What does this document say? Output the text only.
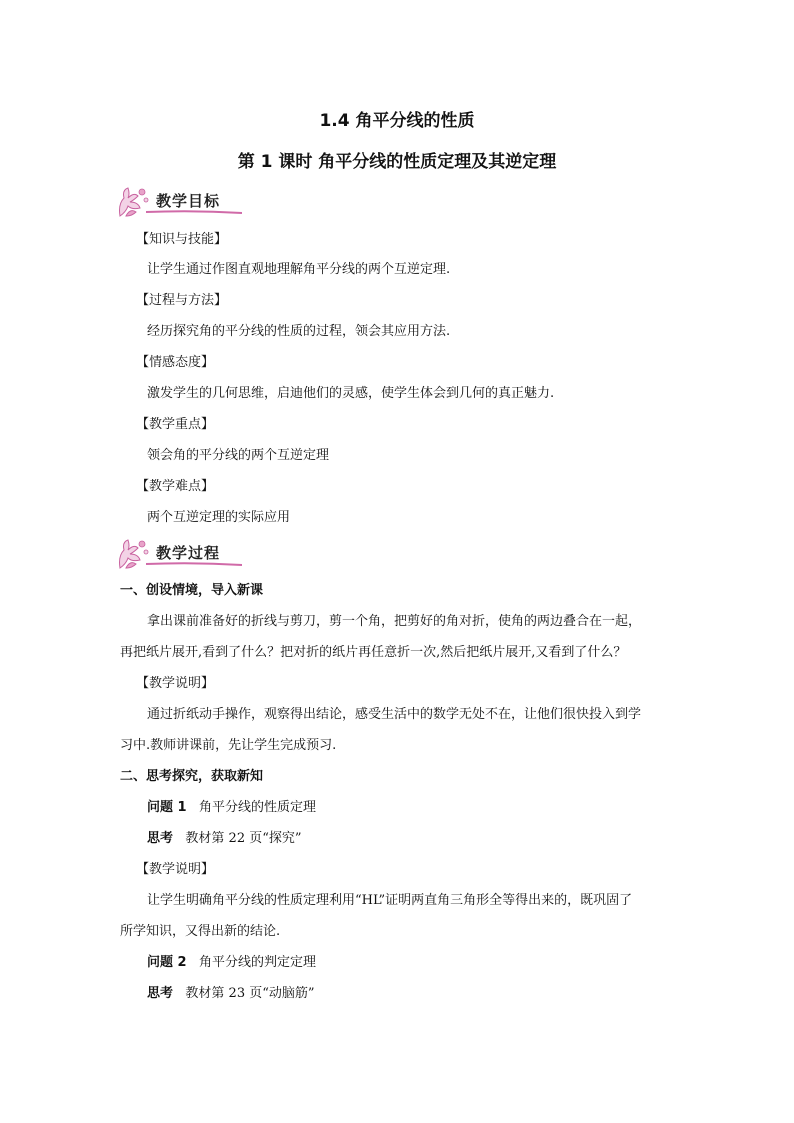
1.4 角平分线的性质
第 1 课时 角平分线的性质定理及其逆定理
教学目标
【知识与技能】
让学生通过作图直观地理解角平分线的两个互逆定理.
【过程与方法】
经历探究角的平分线的性质的过程，领会其应用方法.
【情感态度】
激发学生的几何思维，启迪他们的灵感，使学生体会到几何的真正魅力.
【教学重点】
领会角的平分线的两个互逆定理
【教学难点】
两个互逆定理的实际应用
教学过程
一、创设情境，导入新课
拿出课前准备好的折线与剪刀，剪一个角，把剪好的角对折，使角的两边叠合在一起，
再把纸片展开,看到了什么？把对折的纸片再任意折一次,然后把纸片展开,又看到了什么？
【教学说明】
通过折纸动手操作，观察得出结论，感受生活中的数学无处不在，让他们很快投入到学
习中.教师讲课前，先让学生完成预习.
二、思考探究，获取新知
问题 1 角平分线的性质定理
思考 教材第 22 页“探究”
【教学说明】
让学生明确角平分线的性质定理利用“HL”证明两直角三角形全等得出来的，既巩固了
所学知识，又得出新的结论.
问题 2 角平分线的判定定理
思考 教材第 23 页“动脑筋”
